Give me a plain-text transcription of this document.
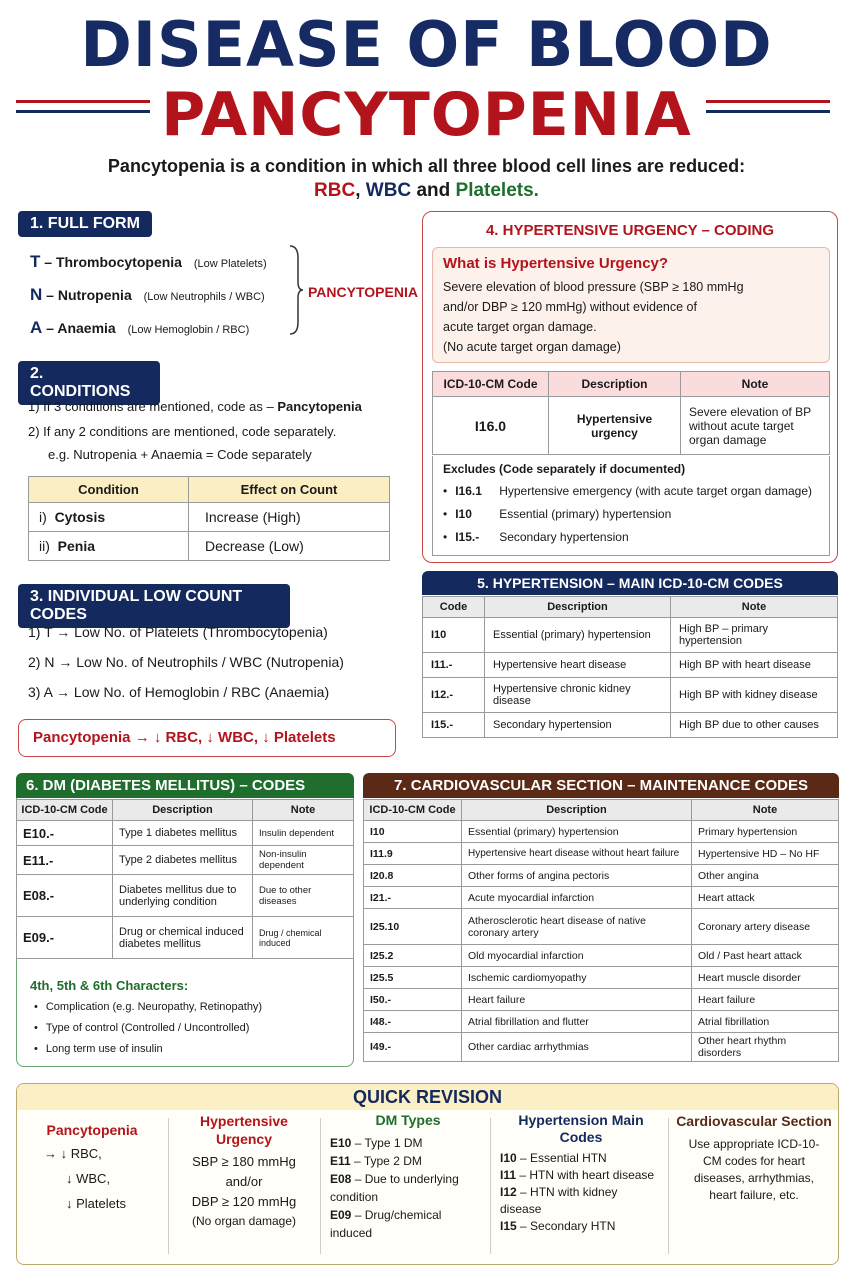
DISEASE OF BLOOD
PANCYTOPENIA
Pancytopenia is a condition in which all three blood cell lines are reduced:
RBC, WBC and Platelets.
1. FULL FORM
T – Thrombocytopenia (Low Platelets)
N – Nutropenia (Low Neutrophils / WBC)
A – Anaemia (Low Hemoglobin / RBC)
PANCYTOPENIA
2. CONDITIONS
1) If 3 conditions are mentioned, code as – Pancytopenia
2) If any 2 conditions are mentioned, code separately.
e.g. Nutropenia + Anaemia = Code separately
Condition	Effect on Count
i) Cytosis	Increase (High)
ii) Penia	Decrease (Low)
3. INDIVIDUAL LOW COUNT CODES
1) T → Low No. of Platelets (Thrombocytopenia)
2) N → Low No. of Neutrophils / WBC (Nutropenia)
3) A → Low No. of Hemoglobin / RBC (Anaemia)
Pancytopenia → ↓ RBC, ↓ WBC, ↓ Platelets
4. HYPERTENSIVE URGENCY – CODING
What is Hypertensive Urgency?
Severe elevation of blood pressure (SBP ≥ 180 mmHg
and/or DBP ≥ 120 mmHg) without evidence of
acute target organ damage.
(No acute target organ damage)
ICD-10-CM Code	Description	Note
I16.0	Hypertensive urgency	Severe elevation of BP without acute target organ damage
Excludes (Code separately if documented)
• I16.1 Hypertensive emergency (with acute target organ damage)
• I10 Essential (primary) hypertension
• I15.- Secondary hypertension
5. HYPERTENSION – MAIN ICD-10-CM CODES
Code	Description	Note
I10	Essential (primary) hypertension	High BP – primary hypertension
I11.-	Hypertensive heart disease	High BP with heart disease
I12.-	Hypertensive chronic kidney disease	High BP with kidney disease
I15.-	Secondary hypertension	High BP due to other causes
6. DM (DIABETES MELLITUS) – CODES
ICD-10-CM Code	Description	Note
E10.-	Type 1 diabetes mellitus	Insulin dependent
E11.-	Type 2 diabetes mellitus	Non-insulin dependent
E08.-	Diabetes mellitus due to underlying condition	Due to other diseases
E09.-	Drug or chemical induced diabetes mellitus	Drug / chemical induced
4th, 5th & 6th Characters:
• Complication (e.g. Neuropathy, Retinopathy)
• Type of control (Controlled / Uncontrolled)
• Long term use of insulin
7. CARDIOVASCULAR SECTION – MAINTENANCE CODES
ICD-10-CM Code	Description	Note
I10	Essential (primary) hypertension	Primary hypertension
I11.9	Hypertensive heart disease without heart failure	Hypertensive HD – No HF
I20.8	Other forms of angina pectoris	Other angina
I21.-	Acute myocardial infarction	Heart attack
I25.10	Atherosclerotic heart disease of native coronary artery	Coronary artery disease
I25.2	Old myocardial infarction	Old / Past heart attack
I25.5	Ischemic cardiomyopathy	Heart muscle disorder
I50.-	Heart failure	Heart failure
I48.-	Atrial fibrillation and flutter	Atrial fibrillation
I49.-	Other cardiac arrhythmias	Other heart rhythm disorders
QUICK REVISION
Pancytopenia
→ ↓ RBC,
↓ WBC,
↓ Platelets
Hypertensive Urgency
SBP ≥ 180 mmHg
and/or
DBP ≥ 120 mmHg
(No organ damage)
DM Types
E10 – Type 1 DM
E11 – Type 2 DM
E08 – Due to underlying condition
E09 – Drug/chemical induced
Hypertension Main Codes
I10 – Essential HTN
I11 – HTN with heart disease
I12 – HTN with kidney disease
I15 – Secondary HTN
Cardiovascular Section
Use appropriate ICD-10-CM codes for heart diseases, arrhythmias, heart failure, etc.
